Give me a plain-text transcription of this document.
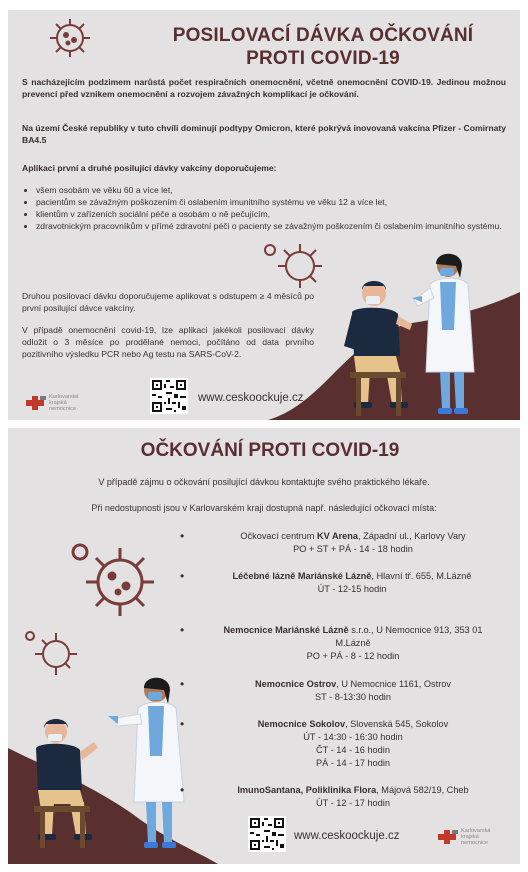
POSILOVACÍ DÁVKA OČKOVÁNÍ
PROTI COVID-19
S nacházejícím podzimem narůstá počet respiračních onemocnění, včetně onemocnění COVID-19. Jedinou možnou prevencí před vznikem onemocnění a rozvojem závažných komplikací je očkování.
Na území České republiky v tuto chvíli dominují podtypy Omicron, které pokrývá inovovaná vakcína Pfizer - Comirnaty BA4.5
Aplikaci první a druhé posilující dávky vakcíny doporučujeme:
• všem osobám ve věku 60 a více let,
• pacientům se závažným poškozením či oslabením imunitního systému ve věku 12 a více let,
• klientům v zařízeních sociální péče a osobám o ně pečujícím,
• zdravotnickým pracovníkům v přímé zdravotní péči o pacienty se závažným poškozením či oslabením imunitního systému.
Druhou posilovací dávku doporučujeme aplikovat s odstupem ≥ 4 měsíců po první posilující dávce vakcíny.
V případě onemocnění covid-19, lze aplikaci jakékoli posilovací dávky odložit o 3 měsíce po prodělané nemoci, počítáno od data prvního pozitivního výsledku PCR nebo Ag testu na SARS-CoV-2.
Karlovarská
krajská
nemocnice
www.ceskoockuje.cz
OČKOVÁNÍ PROTI COVID-19
V případě zájmu o očkování posilující dávkou kontaktujte svého praktického lékaře.
Při nedostupnosti jsou v Karlovarském kraji dostupná např. následující očkovací místa:
•	Očkovací centrum KV Arena, Západní ul., Karlovy Vary
PO + ST + PÁ - 14 - 18 hodin
•	Léčebné lázně Mariánské Lázně, Hlavní tř. 655, M.Lázně
ÚT - 12-15 hodin
•	Nemocnice Mariánské Lázně s.r.o., U Nemocnice 913, 353 01 M.Lázně
PO + PÁ - 8 - 12 hodin
•	Nemocnice Ostrov, U Nemocnice 1161, Ostrov
ST - 8-13:30 hodin
•	Nemocnice Sokolov, Slovenská 545, Sokolov
ÚT - 14:30 - 16:30 hodin
ČT - 14 - 16 hodin
PÁ - 14 - 17 hodin
•	ImunoSantana, Poliklinika Flora, Májová 582/19, Cheb
ÚT - 12 - 17 hodin
www.ceskoockuje.cz	Karlovarská
krajská
nemocnice
